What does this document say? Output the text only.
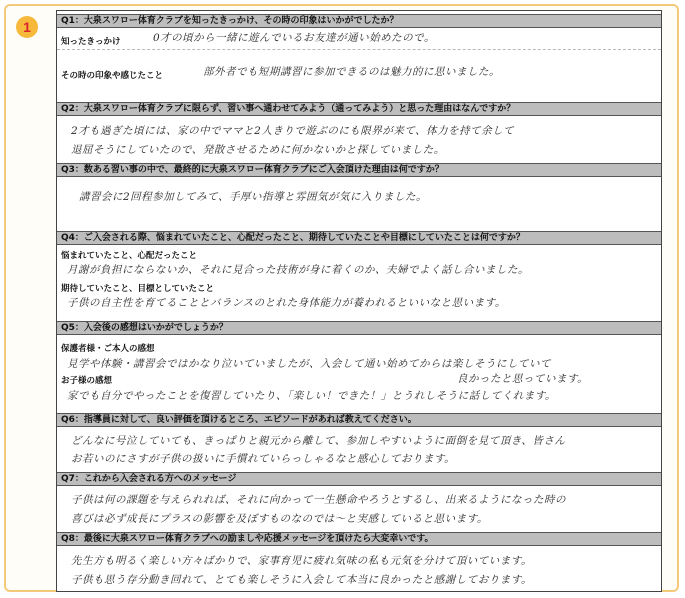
1	Q1：大泉スワロー体育クラブを知ったきっかけ、その時の印象はいかがでしたか？
知ったきっかけ	0才の頃から一緒に遊んでいるお友達が通い始めたので。
その時の印象や感じたこと	部外者でも短期講習に参加できるのは魅力的に思いました。
Q2：大泉スワロー体育クラブに限らず、習い事へ通わせてみよう（通ってみよう）と思った理由はなんですか？
2才も過ぎた頃には、家の中でママと2人きりで遊ぶのにも限界が来て、体力を持て余して
退屈そうにしていたので、発散させるために何かないかと探していました。
Q3：数ある習い事の中で、最終的に大泉スワロー体育クラブにご入会頂けた理由は何ですか？
講習会に2回程参加してみて、手厚い指導と雰囲気が気に入りました。
Q4：ご入会される際、悩まれていたこと、心配だったこと、期待していたことや目標にしていたことは何ですか？
悩まれていたこと、心配だったこと
月謝が負担にならないか、それに見合った技術が身に着くのか、夫婦でよく話し合いました。
期待していたこと、目標としていたこと
子供の自主性を育てることとバランスのとれた身体能力が養われるといいなと思います。
Q5：入会後の感想はいかがでしょうか？
保護者様・ご本人の感想
見学や体験・講習会ではかなり泣いていましたが、入会して通い始めてからは楽しそうにしていて
良かったと思っています。
お子様の感想
家でも自分でやったことを復習していたり、「楽しい！できた！」とうれしそうに話してくれます。
Q6：指導員に対して、良い評価を頂けるところ、エピソードがあれば教えてください。
どんなに号泣していても、きっぱりと親元から離して、参加しやすいように面倒を見て頂き、皆さん
お若いのにさすが子供の扱いに手慣れていらっしゃるなと感心しております。
Q7：これから入会される方へのメッセージ
子供は何の課題を与えられれば、それに向かって一生懸命やろうとするし、出来るようになった時の
喜びは必ず成長にプラスの影響を及ぼすものなのでは〜と実感していると思います。
Q8：最後に大泉スワロー体育クラブへの励ましや応援メッセージを頂けたら大変幸いです。
先生方も明るく楽しい方々ばかりで、家事育児に疲れ気味の私も元気を分けて頂いています。
子供も思う存分動き回れて、とても楽しそうに入会して本当に良かったと感謝しております。
